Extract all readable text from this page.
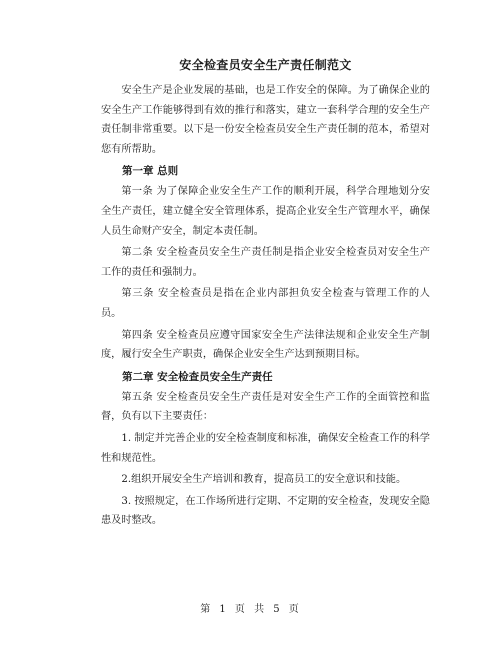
安全检查员安全生产责任制范文

安全生产是企业发展的基础，也是工作安全的保障。为了确保企业的安全生产工作能够得到有效的推行和落实，建立一套科学合理的安全生产责任制非常重要。以下是一份安全检查员安全生产责任制的范本，希望对您有所帮助。

第一章 总则

第一条 为了保障企业安全生产工作的顺利开展，科学合理地划分安全生产责任，建立健全安全管理体系，提高企业安全生产管理水平，确保人员生命财产安全，制定本责任制。

第二条 安全检查员安全生产责任制是指企业安全检查员对安全生产工作的责任和强制力。

第三条 安全检查员是指在企业内部担负安全检查与管理工作的人员。

第四条 安全检查员应遵守国家安全生产法律法规和企业安全生产制度，履行安全生产职责，确保企业安全生产达到预期目标。

第二章 安全检查员安全生产责任

第五条 安全检查员安全生产责任是对安全生产工作的全面管控和监督，负有以下主要责任：

1. 制定并完善企业的安全检查制度和标准，确保安全检查工作的科学性和规范性。

2.组织开展安全生产培训和教育，提高员工的安全意识和技能。

3. 按照规定，在工作场所进行定期、不定期的安全检查，发现安全隐患及时整改。

第 1 页 共 5 页
